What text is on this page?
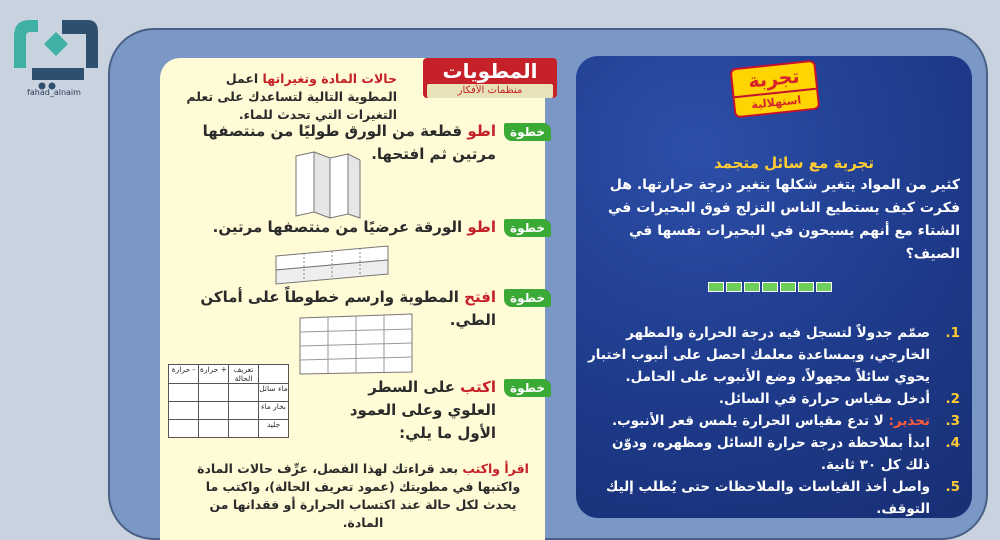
fahad_alnaim
المطويات
منظمات الأفكار
حالات المادة وتغيراتها اعمل المطوية التالية لتساعدك على تعلم التغيرات التي تحدث للماء.
خطوة
اطو قطعة من الورق طوليًا من منتصفها مرتين ثم افتحها.
خطوة
اطو الورقة عرضيًا من منتصفها مرتين.
خطوة
افتح المطوية وارسم خطوطاً على أماكن الطي.
خطوة
اكتب على السطر العلوي وعلى العمود الأول ما يلي:
	تعريف الحالة	+ حرارة	- حرارة
ماء سائل			
بخار ماء			
جليد			
اقرأ واكتب بعد قراءتك لهذا الفصل، عرِّف حالات المادة واكتبها في مطويتك (عمود تعريف الحالة)، واكتب ما يحدث لكل حالة عند اكتساب الحرارة أو فقدانها من المادة.
تجربة
استهلالية
تجربة مع سائل متجمد
كثير من المواد يتغير شكلها بتغير درجة حرارتها. هل فكرت كيف يستطيع الناس التزلج فوق البحيرات في الشتاء مع أنهم يسبحون في البحيرات نفسها في الصيف؟
1.
صمّم جدولاً لتسجل فيه درجة الحرارة والمظهر الخارجي، وبمساعدة معلمك احصل على أنبوب اختبار يحوي سائلاً مجهولاً، وضع الأنبوب على الحامل.
2.
أدخل مقياس حرارة في السائل.
3.
تحذير: لا تدع مقياس الحرارة يلمس قعر الأنبوب.
4.
ابدأ بملاحظة درجة حرارة السائل ومظهره، ودوّن ذلك كل ٣٠ ثانية.
5.
واصل أخذ القياسات والملاحظات حتى يُطلب إليك التوقف.
